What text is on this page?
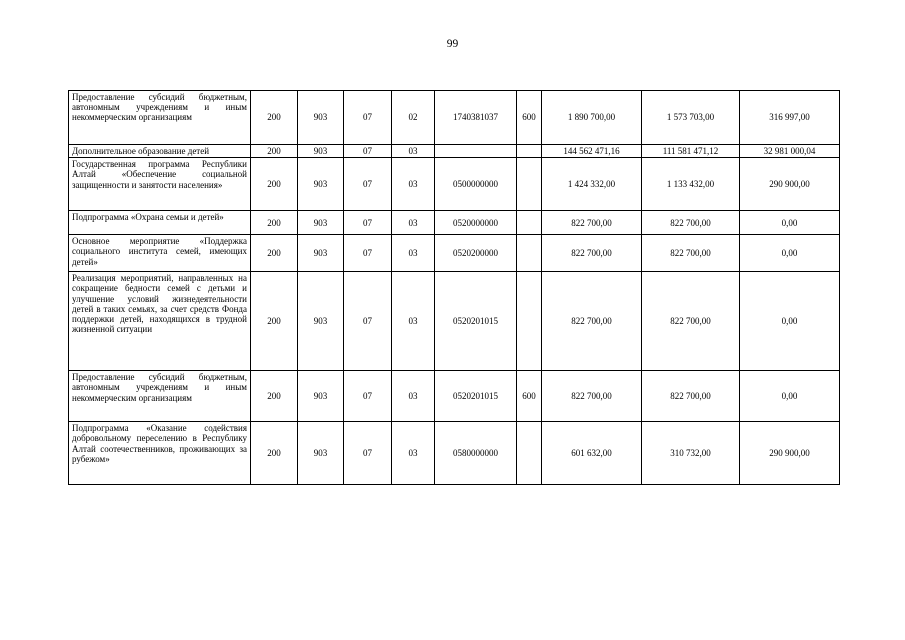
99
Предоставление субсидий бюджетным, автономным учреждениям и иным некоммерческим организациям	200	903	07	02	1740381037	600	1 890 700,00	1 573 703,00	316 997,00
Дополнительное образование детей	200	903	07	03			144 562 471,16	111 581 471,12	32 981 000,04
Государственная программа Республики Алтай «Обеспечение социальной защищенности и занятости населения»	200	903	07	03	0500000000		1 424 332,00	1 133 432,00	290 900,00
Подпрограмма «Охрана семьи и детей»	200	903	07	03	0520000000		822 700,00	822 700,00	0,00
Основное мероприятие «Поддержка социального института семей, имеющих детей»	200	903	07	03	0520200000		822 700,00	822 700,00	0,00
Реализация мероприятий, направленных на сокращение бедности семей с детьми и улучшение условий жизнедеятельности детей в таких семьях, за счет средств Фонда поддержки детей, находящихся в трудной жизненной ситуации	200	903	07	03	0520201015		822 700,00	822 700,00	0,00
Предоставление субсидий бюджетным, автономным учреждениям и иным некоммерческим организациям	200	903	07	03	0520201015	600	822 700,00	822 700,00	0,00
Подпрограмма «Оказание содействия добровольному переселению в Республику Алтай соотечественников, проживающих за рубежом»	200	903	07	03	0580000000		601 632,00	310 732,00	290 900,00
